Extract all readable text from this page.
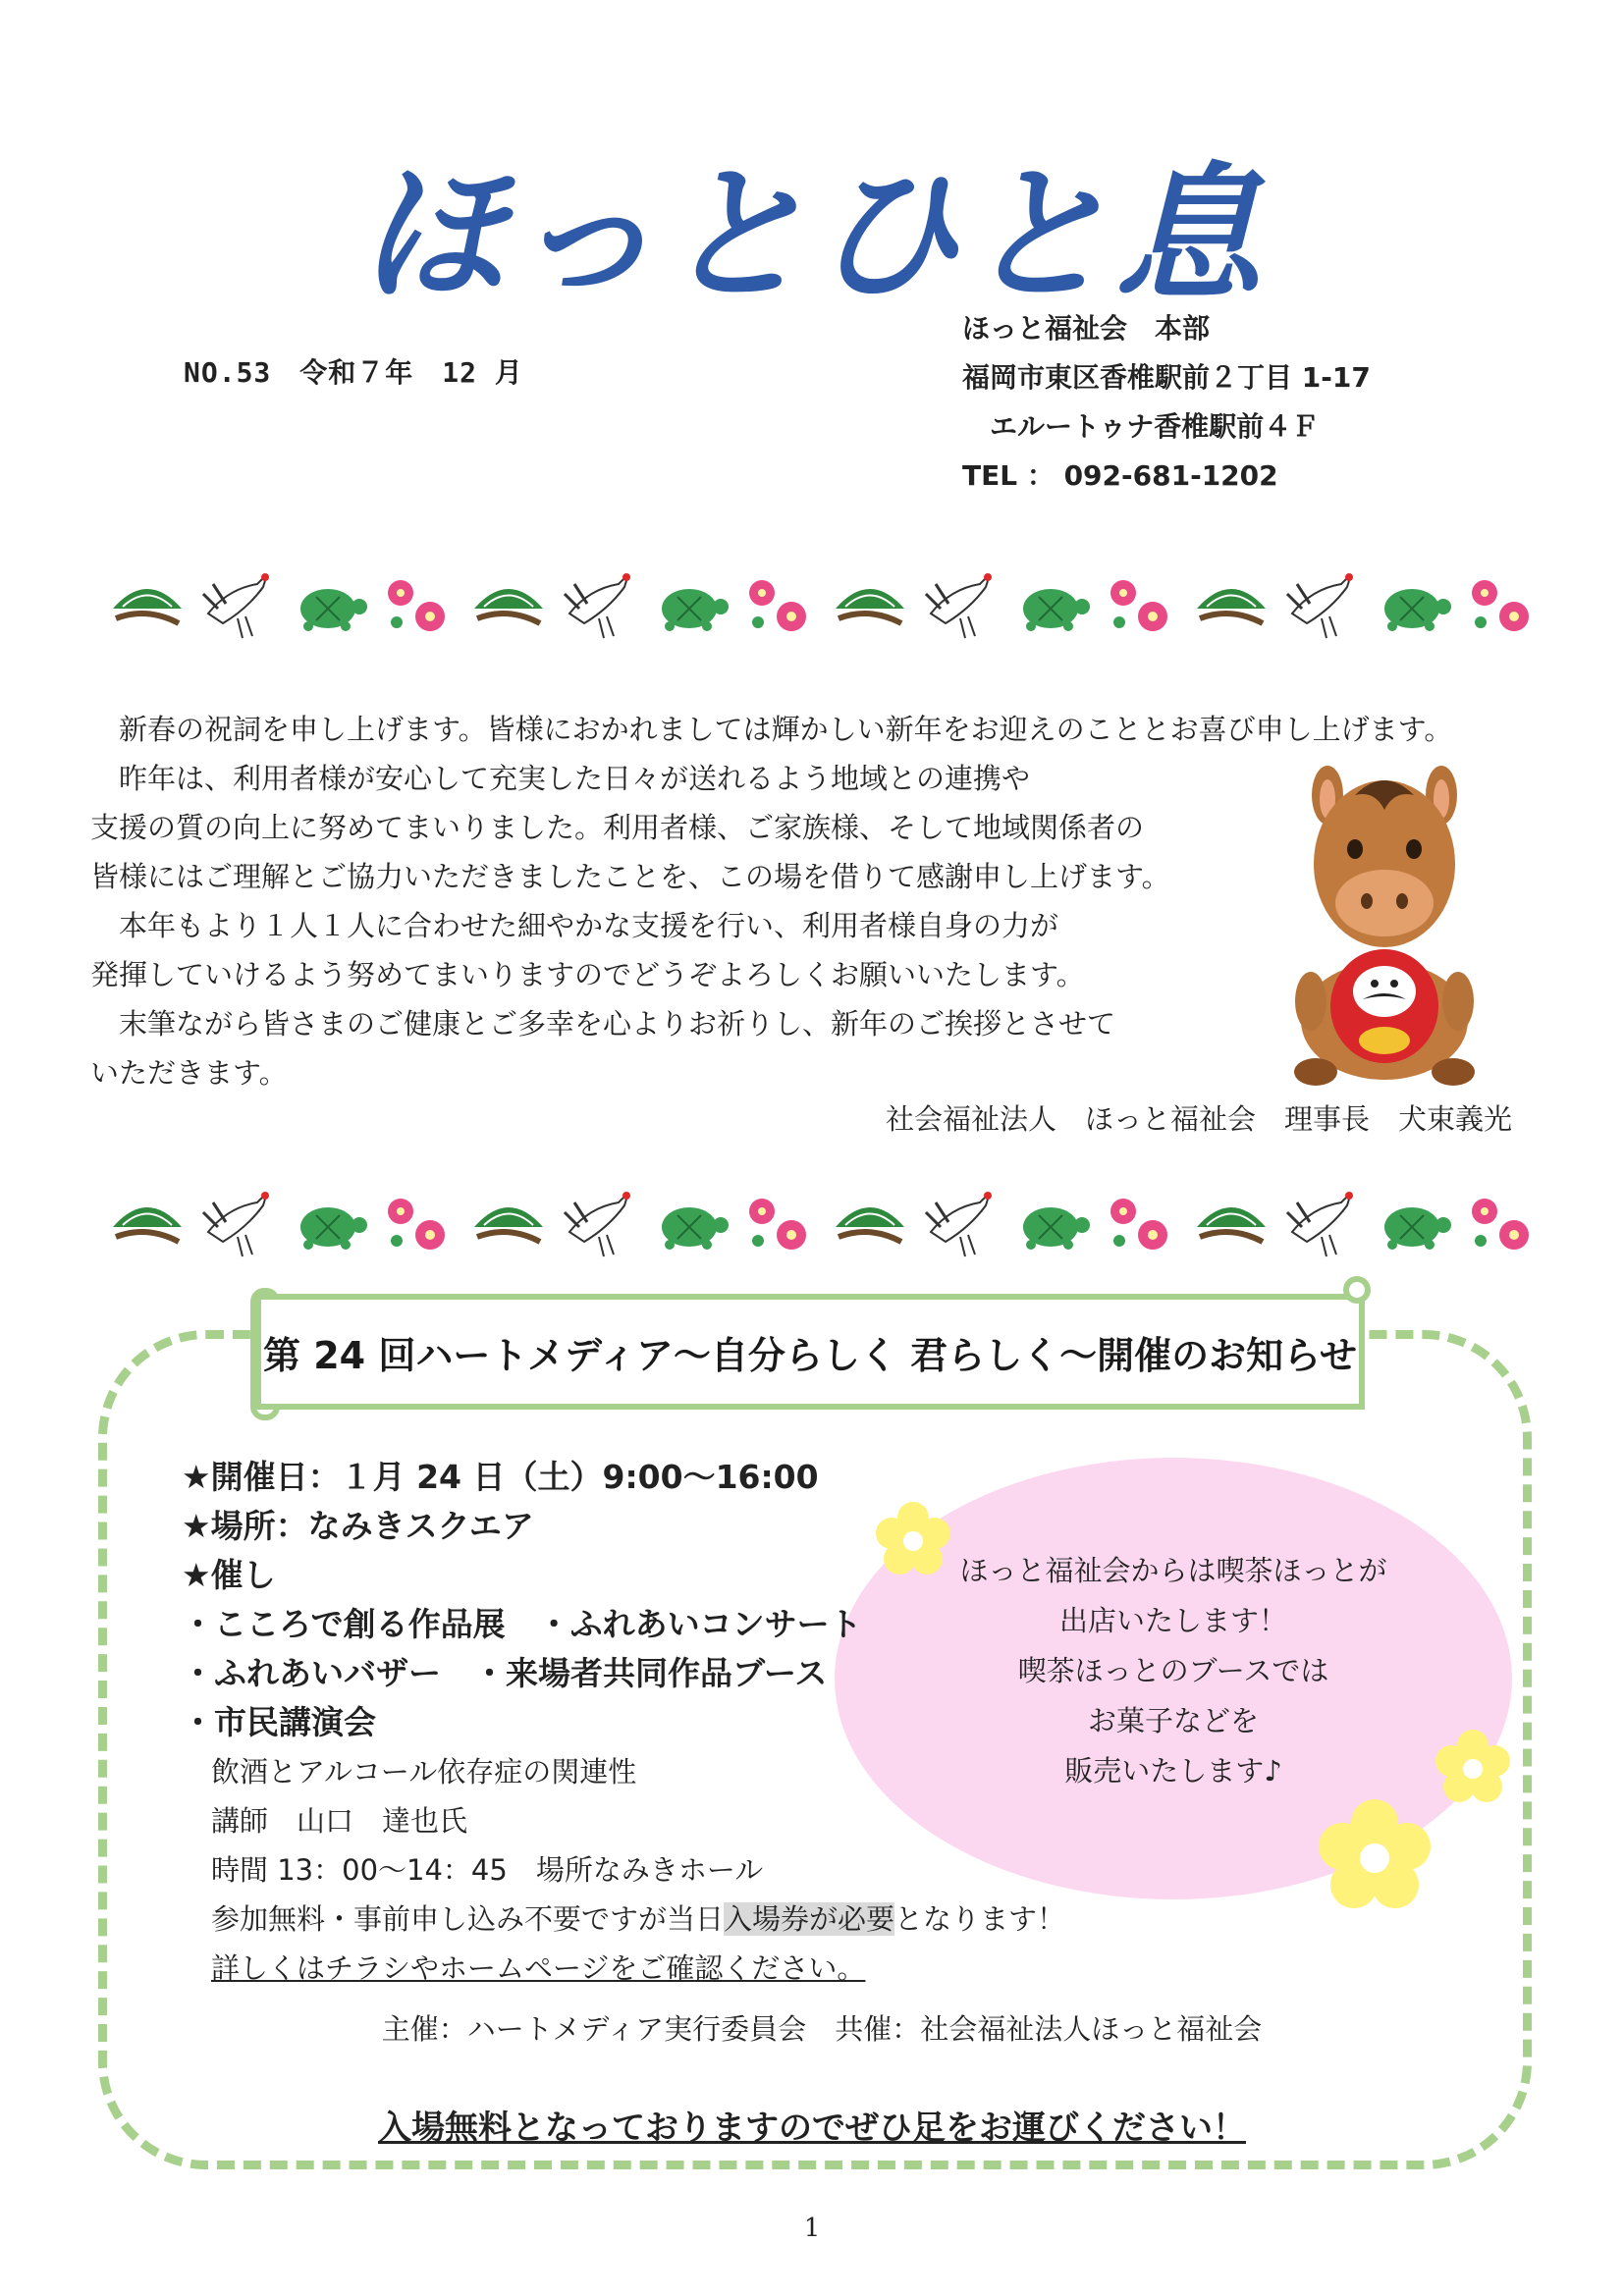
ほっとひと息
NO.53　令和７年　12 月
ほっと福祉会　本部
福岡市東区香椎駅前２丁目 1-17
　エルートゥナ香椎駅前４Ｆ
TEL ： 092-681-1202

　新春の祝詞を申し上げます。皆様におかれましては輝かしい新年をお迎えのこととお喜び申し上げます。

　昨年は、利用者様が安心して充実した日々が送れるよう地域との連携や

支援の質の向上に努めてまいりました。利用者様、ご家族様、そして地域関係者の

皆様にはご理解とご協力いただきましたことを、この場を借りて感謝申し上げます。

　本年もより１人１人に合わせた細やかな支援を行い、利用者様自身の力が

発揮していけるよう努めてまいりますのでどうぞよろしくお願いいたします。

　末筆ながら皆さまのご健康とご多幸を心よりお祈りし、新年のご挨拶とさせて

いただきます。

社会福祉法人　ほっと福祉会　理事長　犬束義光
第 24 回ハートメディア～自分らしく 君らしく～開催のお知らせ
ほっと福祉会からは喫茶ほっとが
出店いたします！
喫茶ほっとのブースでは
お菓子などを
販売いたします♪
★開催日：１月 24 日（土）9:00～16:00
★場所：なみきスクエア
★催し
・こころで創る作品展　・ふれあいコンサート
・ふれあいバザー　・来場者共同作品ブース
・市民講演会
飲酒とアルコール依存症の関連性
講師　山口　達也氏
時間 13：00～14：45　場所なみきホール
参加無料・事前申し込み不要ですが当日入場券が必要となります！
詳しくはチラシやホームページをご確認ください。
主催：ハートメディア実行委員会　共催：社会福祉法人ほっと福祉会
入場無料となっておりますのでぜひ足をお運びください！
1
